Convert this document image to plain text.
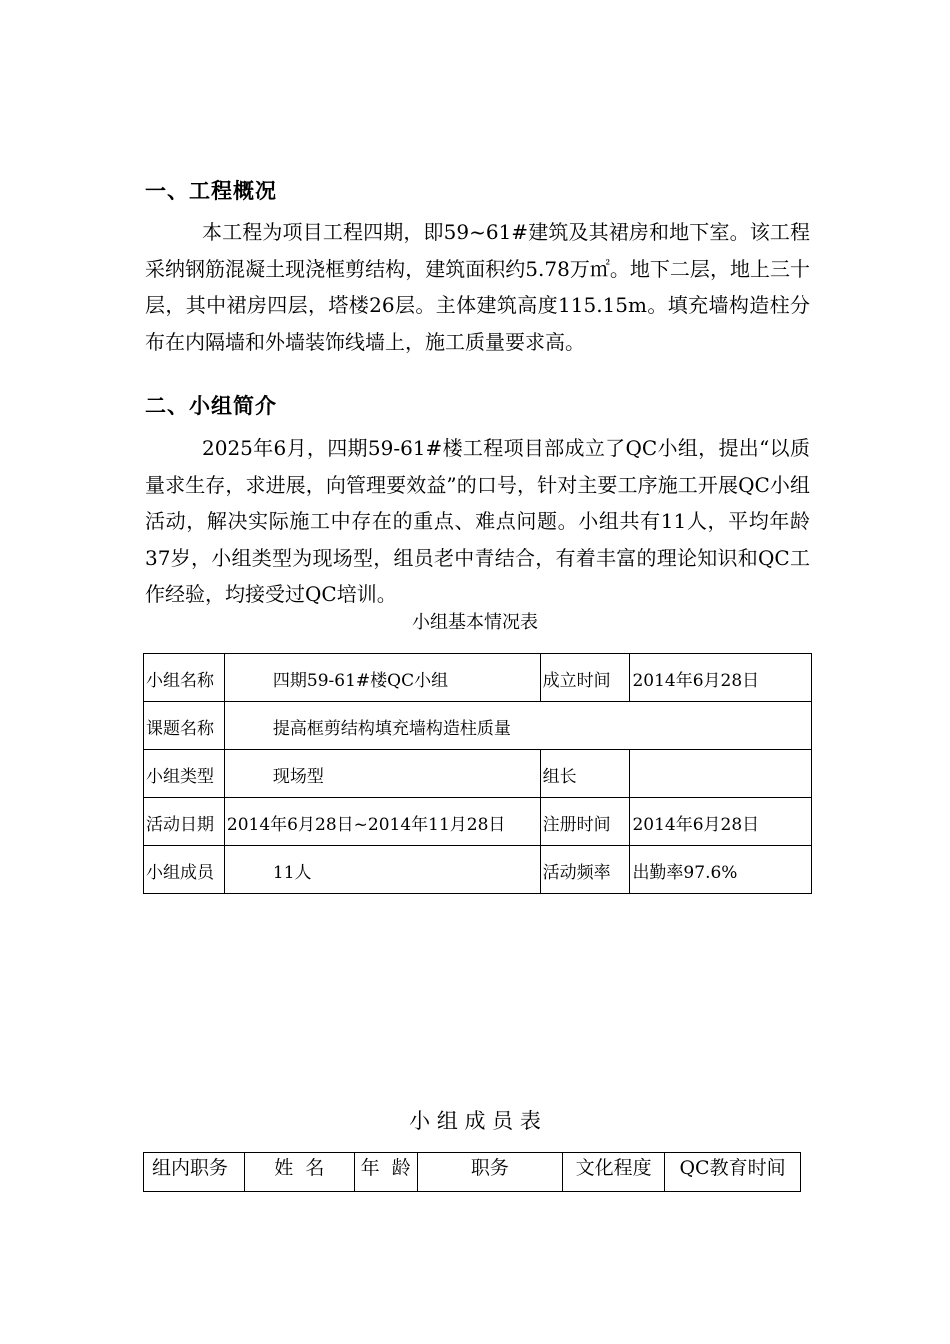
一、工程概况
本工程为项目工程四期，即59~61#建筑及其裙房和地下室。该工程采纳钢筋混凝土现浇框剪结构，建筑面积约5.78万㎡。地下二层，地上三十层，其中裙房四层，塔楼26层。主体建筑高度115.15m。填充墙构造柱分布在内隔墙和外墙装饰线墙上，施工质量要求高。
二、小组简介
2025年6月，四期59-61#楼工程项目部成立了QC小组，提出“以质量求生存，求进展，向管理要效益”的口号，针对主要工序施工开展QC小组活动，解决实际施工中存在的重点、难点问题。小组共有11人，平均年龄37岁，小组类型为现场型，组员老中青结合，有着丰富的理论知识和QC工作经验，均接受过QC培训。
小组基本情况表
小组名称	四期59-61#楼QC小组	成立时间	2014年6月28日
课题名称	提高框剪结构填充墙构造柱质量		
小组类型	现场型	组长	
活动日期	2014年6月28日~2014年11月28日	注册时间	2014年6月28日
小组成员	11人	活动频率	出勤率97.6%
小 组 成 员 表
组内职务	姓  名	年  龄	职务	文化程度	QC教育时间
